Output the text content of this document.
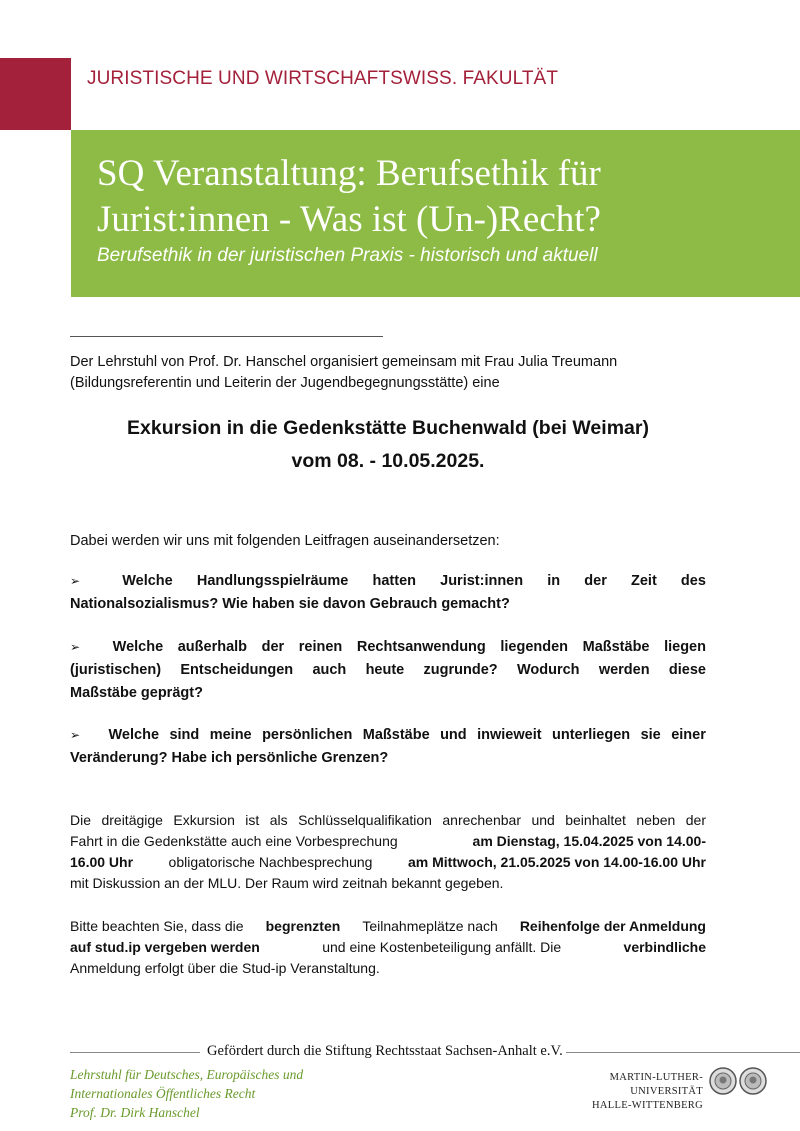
JURISTISCHE UND WIRTSCHAFTSWISS. FAKULTÄT
SQ Veranstaltung: Berufsethik für
Jurist:innen - Was ist (Un-)Recht?
Berufsethik in der juristischen Praxis - historisch und aktuell
Der Lehrstuhl von Prof. Dr. Hanschel organisiert gemeinsam mit Frau Julia Treumann
(Bildungsreferentin und Leiterin der Jugendbegegnungsstätte) eine
Exkursion in die Gedenkstätte Buchenwald (bei Weimar)
vom 08. - 10.05.2025.
Dabei werden wir uns mit folgenden Leitfragen auseinandersetzen:
➢	Welche Handlungsspielräume hatten Jurist:innen in der Zeit des
Nationalsozialismus? Wie haben sie davon Gebrauch gemacht?
➢ Welche außerhalb der reinen Rechtsanwendung liegenden Maßstäbe liegen
(juristischen) Entscheidungen auch heute zugrunde? Wodurch werden diese
Maßstäbe geprägt?
➢ Welche sind meine persönlichen Maßstäbe und inwieweit unterliegen sie einer
Veränderung? Habe ich persönliche Grenzen?
Die dreitägige Exkursion ist als Schlüsselqualifikation anrechenbar und beinhaltet neben der
Fahrt in die Gedenkstätte auch eine Vorbesprechung	am Dienstag, 15.04.2025 von 14.00-
16.00 Uhr	obligatorische Nachbesprechung	am Mittwoch, 21.05.2025 von 14.00-16.00 Uhr
mit Diskussion an der MLU. Der Raum wird zeitnah bekannt gegeben.
Bitte beachten Sie, dass die begrenzten Teilnahmeplätze nach Reihenfolge der Anmeldung
auf stud.ip vergeben werden	und eine Kostenbeteiligung anfällt. Die	verbindliche
Anmeldung erfolgt über die Stud-ip Veranstaltung.
Gefördert durch die Stiftung Rechtsstaat Sachsen-Anhalt e.V.
Lehrstuhl für Deutsches, Europäisches und
Internationales Öffentliches Recht
Prof. Dr. Dirk Hanschel
MARTIN-LUTHER-UNIVERSITÄT
HALLE-WITTENBERG
